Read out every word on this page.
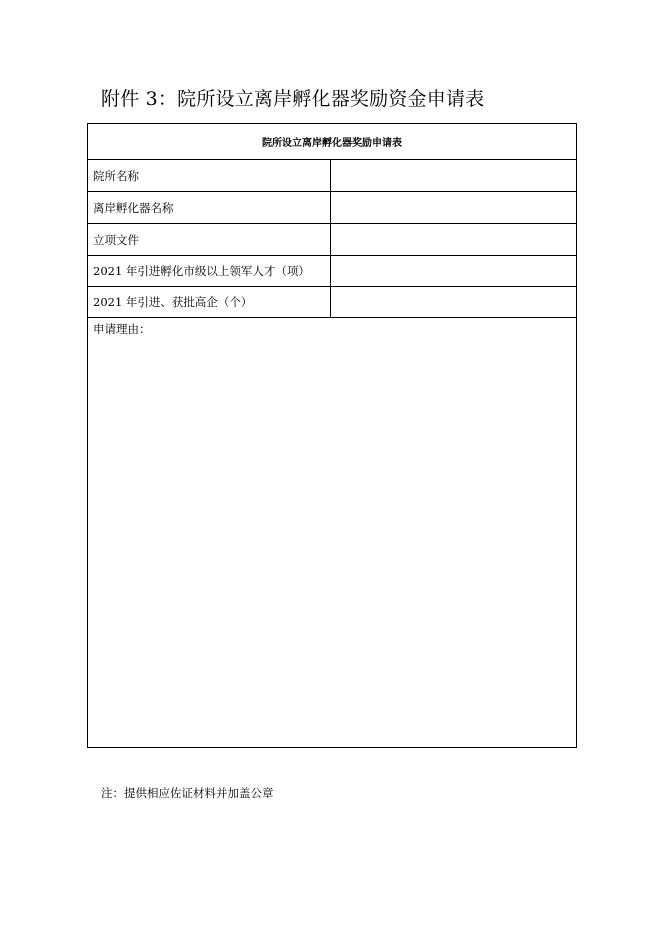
附件 3：院所设立离岸孵化器奖励资金申请表
院所设立离岸孵化器奖励申请表
院所名称
离岸孵化器名称
立项文件
2021 年引进孵化市级以上领军人才（项）
2021 年引进、获批高企（个）
申请理由：
注：提供相应佐证材料并加盖公章
